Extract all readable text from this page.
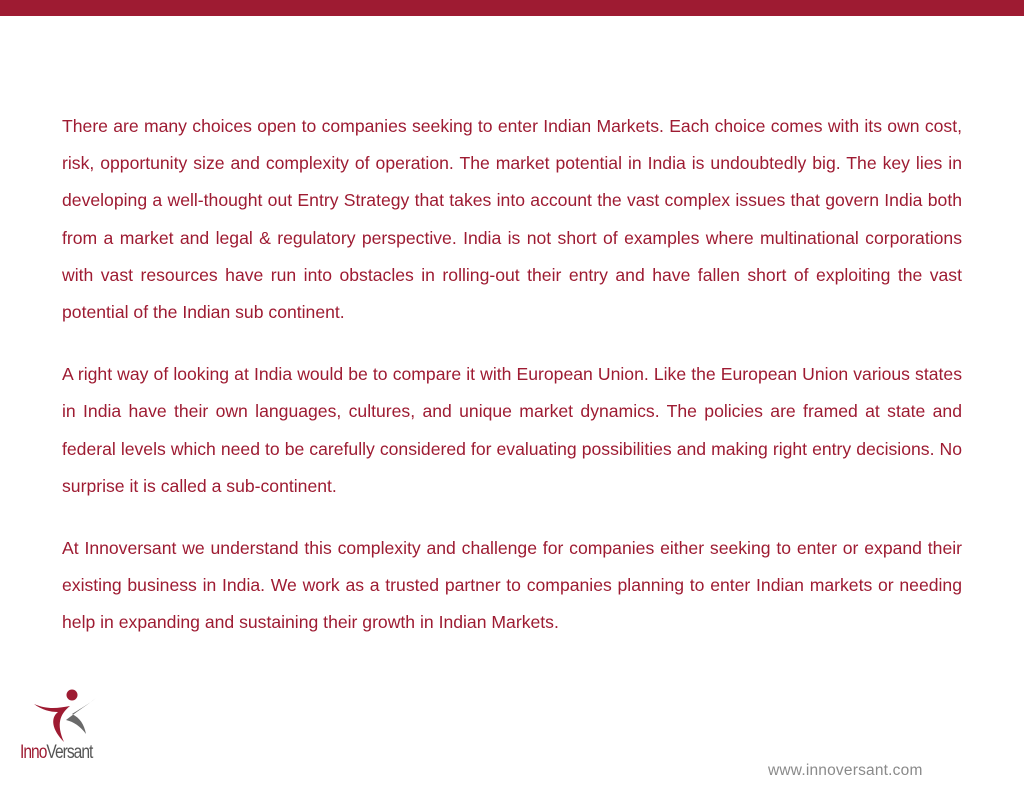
There are many choices open to companies seeking to enter Indian Markets. Each choice comes with its own cost, risk, opportunity size and complexity of operation. The market potential in India is undoubtedly big. The key lies in developing a well-thought out Entry Strategy that takes into account the vast complex issues that govern India both from a market and legal & regulatory perspective. India is not short of examples where multinational corporations with vast resources have run into obstacles in rolling-out their entry and have fallen short of exploiting the vast potential of the Indian sub continent.

A right way of looking at India would be to compare it with European Union. Like the European Union various states in India have their own languages, cultures, and unique market dynamics. The policies are framed at state and federal levels which need to be carefully considered for evaluating possibilities and making right entry decisions. No surprise it is called a sub-continent.

At Innoversant we understand this complexity and challenge for companies either seeking to enter or expand their existing business in India. We work as a trusted partner to companies planning to enter Indian markets or needing help in expanding and sustaining their growth in Indian Markets.

InnoVersant
www.innoversant.com
